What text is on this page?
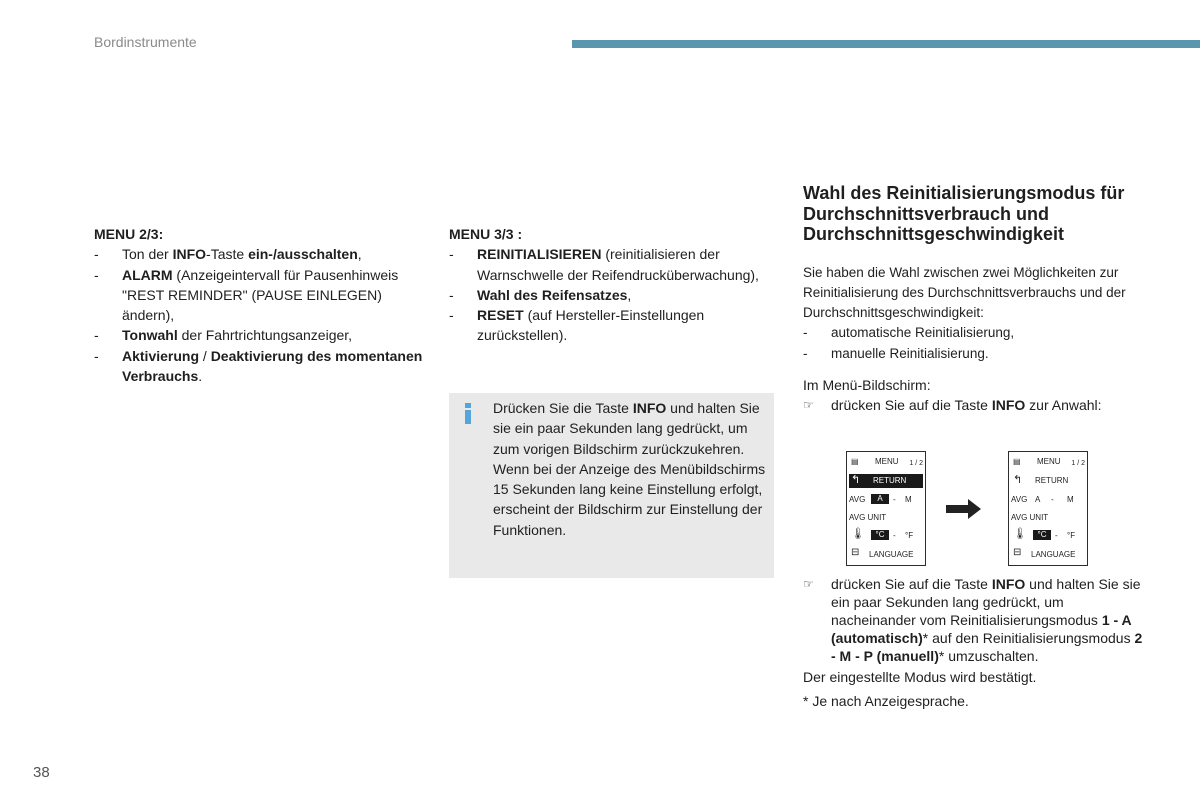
Bordinstrumente

MENU 2/3:

- Ton der INFO-Taste ein-/ausschalten,
- ALARM (Anzeigeintervall für Pausenhinweis "REST REMINDER" (PAUSE EINLEGEN) ändern),
- Tonwahl der Fahrtrichtungsanzeiger,
- Aktivierung / Deaktivierung des momentanen Verbrauchs.

MENU 3/3 :

- REINITIALISIEREN (reinitialisieren der Warnschwelle der Reifendrucküberwachung),
- Wahl des Reifensatzes,
- RESET (auf Hersteller-Einstellungen zurückstellen).
Drücken Sie die Taste INFO und halten Sie sie ein paar Sekunden lang gedrückt, um zum vorigen Bildschirm zurückzukehren.
Wenn bei der Anzeige des Menübildschirms 15 Sekunden lang keine Einstellung erfolgt, erscheint der Bildschirm zur Einstellung der Funktionen.

Wahl des Reinitialisierungsmodus für Durchschnittsverbrauch und Durchschnittsgeschwindigkeit

Sie haben die Wahl zwischen zwei Möglichkeiten zur Reinitialisierung des Durchschnittsverbrauchs und der Durchschnittsgeschwindigkeit:

- automatische Reinitialisierung,
- manuelle Reinitialisierung.

Im Menü-Bildschirm:

☞ drücken Sie auf die Taste INFO zur Anwahl:
▤ MENU 1 / 2
↰ RETURN
AVG	A	- M
AVG UNIT
🌡	°C	- °F
⊟ LANGUAGE
▤ MENU 1 / 2
↰ RETURN
AVG A - M
AVG UNIT
🌡	°C	- °F
⊟ LANGUAGE
☞ drücken Sie auf die Taste INFO und halten Sie sie ein paar Sekunden lang gedrückt, um nacheinander vom Reinitialisierungsmodus 1 - A (automatisch)* auf den Reinitialisierungsmodus 2 - M - P (manuell)* umzuschalten.

Der eingestellte Modus wird bestätigt.

* Je nach Anzeigesprache.

38
